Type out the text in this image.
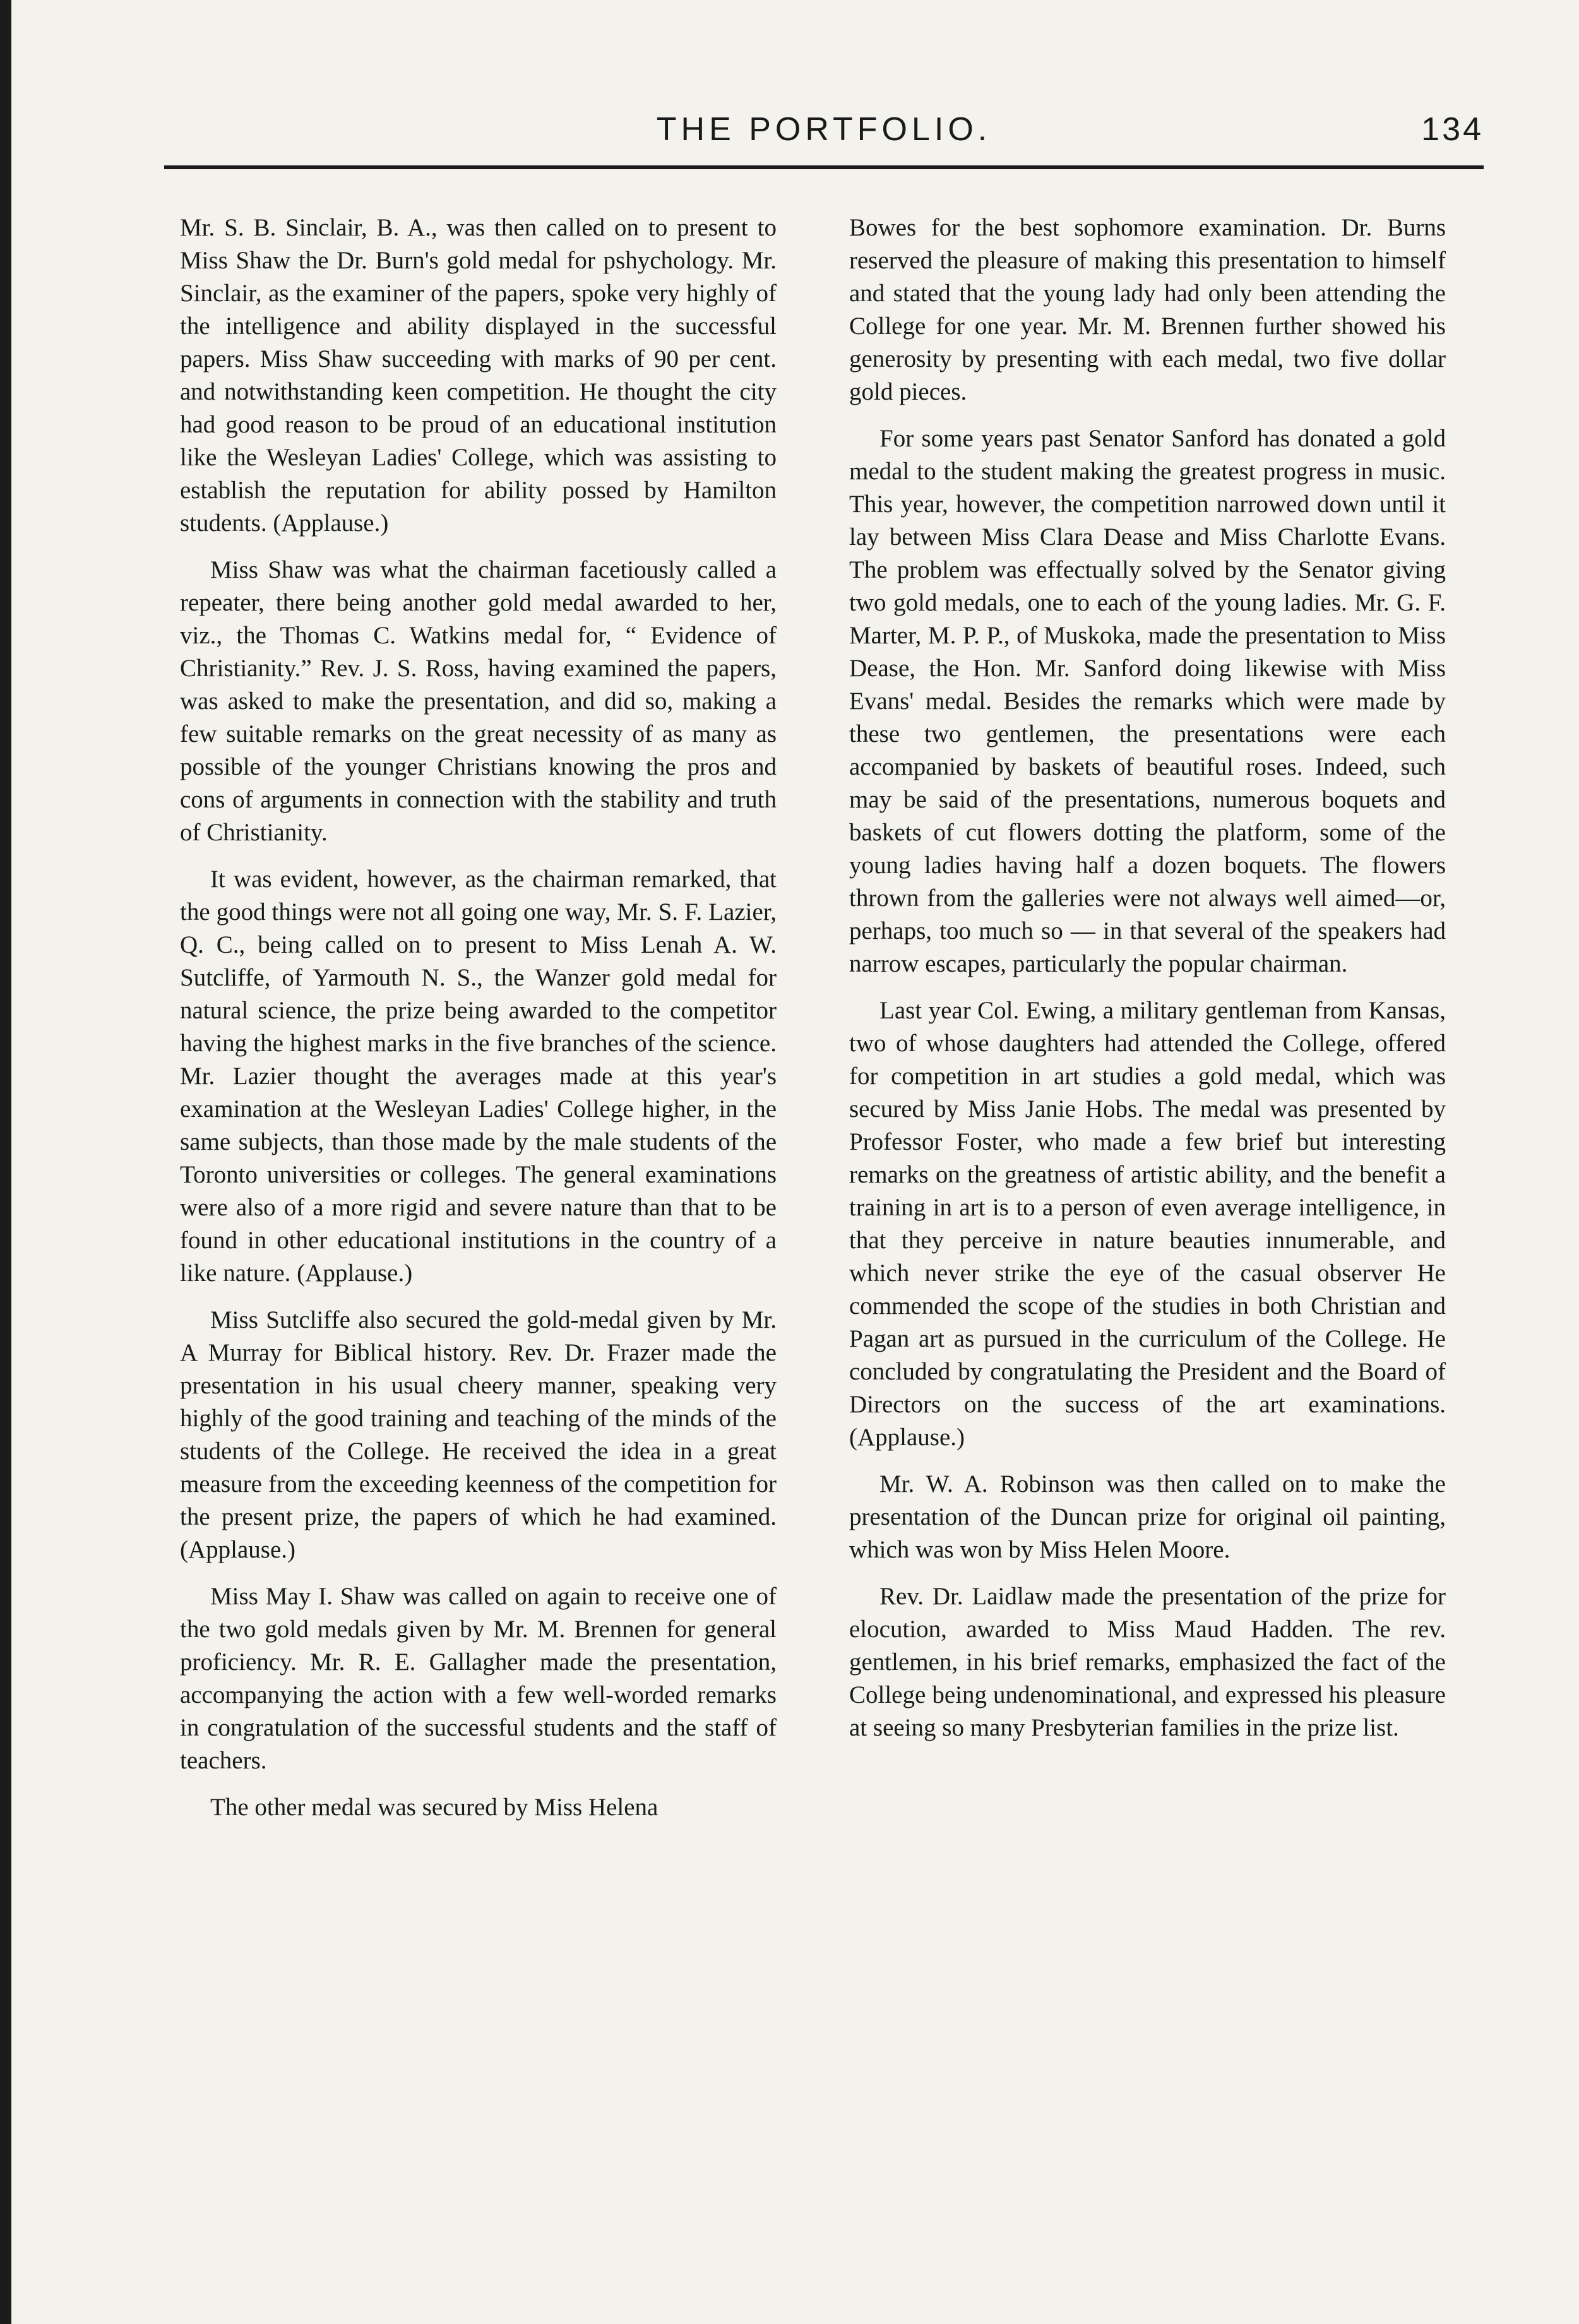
THE PORTFOLIO.	134

Mr. S. B. Sinclair, B. A., was then called on to present to Miss Shaw the Dr. Burn's gold medal for pshychology. Mr. Sinclair, as the examiner of the papers, spoke very highly of the intelligence and ability displayed in the successful papers. Miss Shaw succeeding with marks of 90 per cent. and notwithstanding keen competition. He thought the city had good reason to be proud of an educational institution like the Wesleyan Ladies' College, which was assisting to establish the reputation for ability possed by Hamilton students. (Applause.)

Miss Shaw was what the chairman facetiously called a repeater, there being another gold medal awarded to her, viz., the Thomas C. Watkins medal for, “ Evidence of Christianity.” Rev. J. S. Ross, having examined the papers, was asked to make the presentation, and did so, making a few suitable remarks on the great necessity of as many as possible of the younger Christians knowing the pros and cons of arguments in connection with the stability and truth of Christianity.

It was evident, however, as the chairman remarked, that the good things were not all going one way, Mr. S. F. Lazier, Q. C., being called on to present to Miss Lenah A. W. Sutcliffe, of Yarmouth N. S., the Wanzer gold medal for natural science, the prize being awarded to the competitor having the highest marks in the five branches of the science. Mr. Lazier thought the averages made at this year's examination at the Wesleyan Ladies' College higher, in the same subjects, than those made by the male students of the Toronto universities or colleges. The general examinations were also of a more rigid and severe nature than that to be found in other educational institutions in the country of a like nature. (Applause.)

Miss Sutcliffe also secured the gold-medal given by Mr. A Murray for Biblical history. Rev. Dr. Frazer made the presentation in his usual cheery manner, speaking very highly of the good training and teaching of the minds of the students of the College. He received the idea in a great measure from the exceeding keenness of the competition for the present prize, the papers of which he had examined. (Applause.)

Miss May I. Shaw was called on again to receive one of the two gold medals given by Mr. M. Brennen for general proficiency. Mr. R. E. Gallagher made the presentation, accompanying the action with a few well-worded remarks in congratulation of the successful students and the staff of teachers.

The other medal was secured by Miss Helena

Bowes for the best sophomore examination. Dr. Burns reserved the pleasure of making this presentation to himself and stated that the young lady had only been attending the College for one year. Mr. M. Brennen further showed his generosity by presenting with each medal, two five dollar gold pieces.

For some years past Senator Sanford has donated a gold medal to the student making the greatest progress in music. This year, however, the competition narrowed down until it lay between Miss Clara Dease and Miss Charlotte Evans. The problem was effectually solved by the Senator giving two gold medals, one to each of the young ladies. Mr. G. F. Marter, M. P. P., of Muskoka, made the presentation to Miss Dease, the Hon. Mr. Sanford doing likewise with Miss Evans' medal. Besides the remarks which were made by these two gentlemen, the presentations were each accompanied by baskets of beautiful roses. Indeed, such may be said of the presentations, numerous boquets and baskets of cut flowers dotting the platform, some of the young ladies having half a dozen boquets. The flowers thrown from the galleries were not always well aimed—or, perhaps, too much so — in that several of the speakers had narrow escapes, particularly the popular chairman.

Last year Col. Ewing, a military gentleman from Kansas, two of whose daughters had attended the College, offered for competition in art studies a gold medal, which was secured by Miss Janie Hobs. The medal was presented by Professor Foster, who made a few brief but interesting remarks on the greatness of artistic ability, and the benefit a training in art is to a person of even average intelligence, in that they perceive in nature beauties innumerable, and which never strike the eye of the casual observer He commended the scope of the studies in both Christian and Pagan art as pursued in the curriculum of the College. He concluded by congratulating the President and the Board of Directors on the success of the art examinations. (Applause.)

Mr. W. A. Robinson was then called on to make the presentation of the Duncan prize for original oil painting, which was won by Miss Helen Moore.

Rev. Dr. Laidlaw made the presentation of the prize for elocution, awarded to Miss Maud Hadden. The rev. gentlemen, in his brief remarks, emphasized the fact of the College being undenominational, and expressed his pleasure at seeing so many Presbyterian families in the prize list.
